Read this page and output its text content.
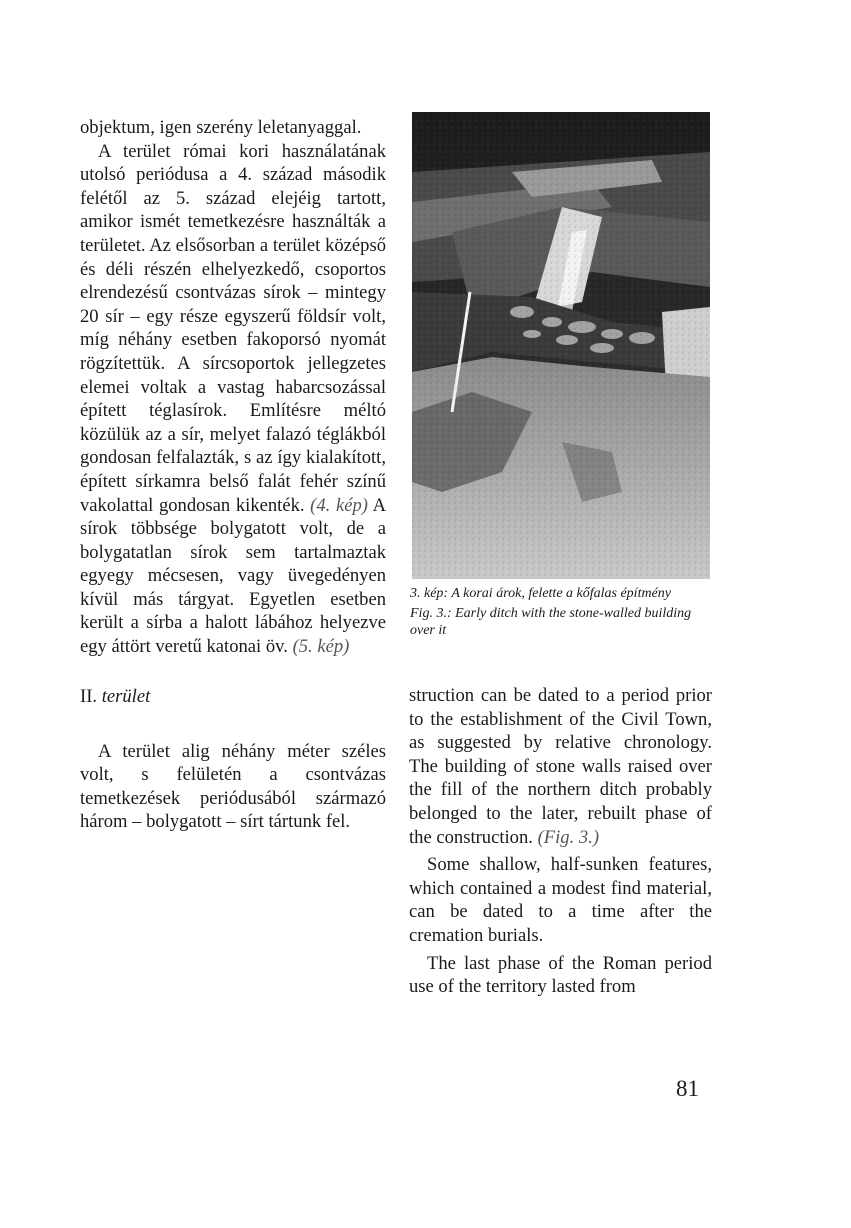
objektum, igen szerény leletanyaggal.

A terület római kori használatának utolsó periódusa a 4. század második felétől az 5. század elejéig tartott, amikor ismét temetkezésre használták a területet. Az elsősorban a terület középső és déli részén elhelyezkedő, csoportos elrendezésű csontvázas sírok – mintegy 20 sír – egy része egyszerű földsír volt, míg néhány esetben fakoporsó nyomát rögzítettük. A sírcsoportok jellegzetes elemei voltak a vastag habarcsozással épített téglasírok. Említésre méltó közülük az a sír, melyet falazó téglákból gondosan felfalazták, s az így kialakított, épített sírkamra belső falát fehér színű vakolattal gondosan kikenték. (4. kép) A sírok többsége bolygatott volt, de a bolygatatlan sírok sem tartalmaztak egyegy mécsesen, vagy üvegedényen kívül más tárgyat. Egyetlen esetben került a sírba a halott lábához helyezve egy áttört veretű katonai öv. (5. kép)

II. terület

A terület alig néhány méter széles volt, s felületén a csontvázas temetkezések periódusából származó három – bolygatott – sírt tártunk fel.

3. kép: A korai árok, felette a kőfalas építmény

Fig. 3.: Early ditch with the stone-walled building over it

struction can be dated to a period prior to the establishment of the Civil Town, as suggested by relative chronology. The building of stone walls raised over the fill of the northern ditch probably belonged to the later, rebuilt phase of the construction. (Fig. 3.)

Some shallow, half-sunken features, which contained a modest find material, can be dated to a time after the cremation burials.

The last phase of the Roman period use of the territory lasted from

81
